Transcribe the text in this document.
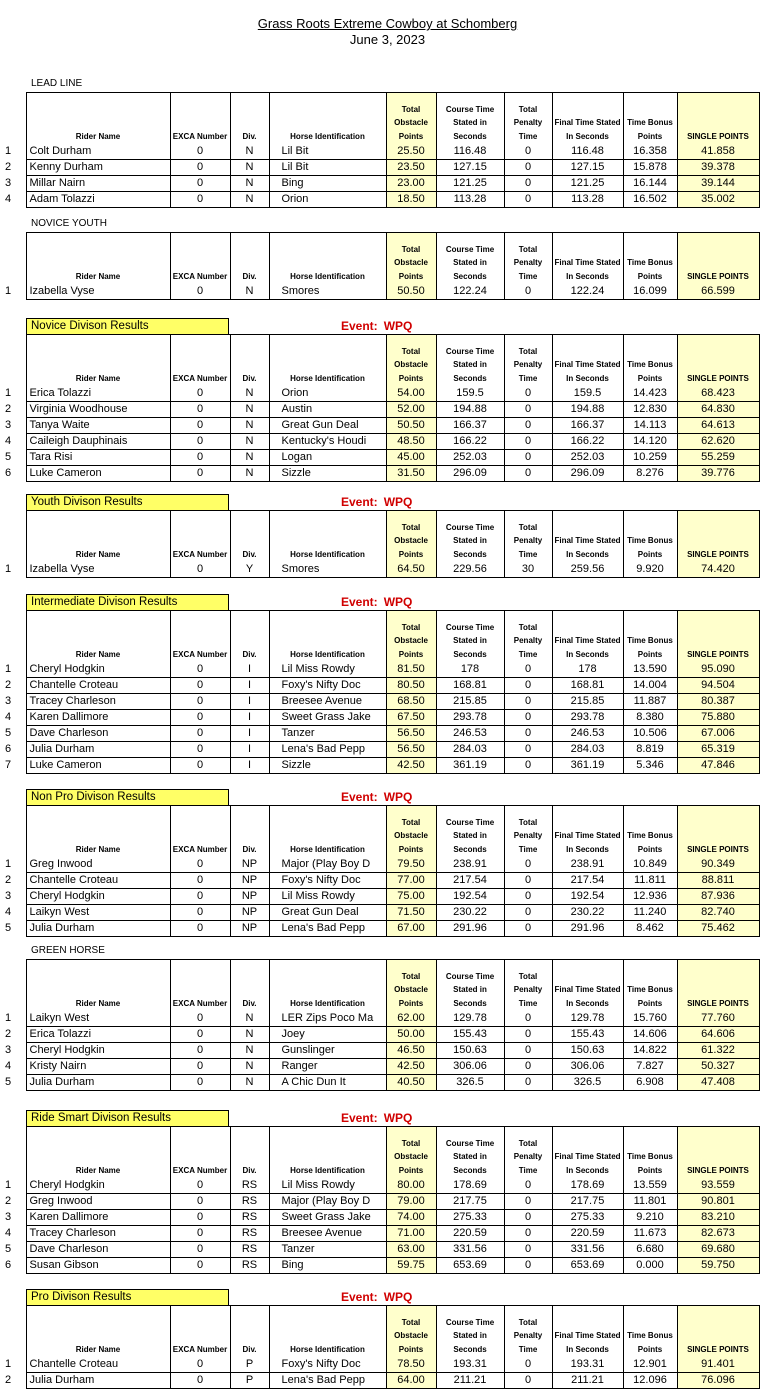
Grass Roots Extreme Cowboy at Schomberg
June 3, 2023
LEAD LINE
	Rider Name	EXCA Number	Div.	Horse Identification	Total Obstacle Points	Course Time Stated in Seconds	Total Penalty Time	Final Time Stated In Seconds	Time Bonus Points	SINGLE POINTS
1	Colt Durham	0	N	Lil Bit	25.50	116.48	0	116.48	16.358	41.858
2	Kenny Durham	0	N	Lil Bit	23.50	127.15	0	127.15	15.878	39.378
3	Millar Nairn	0	N	Bing	23.00	121.25	0	121.25	16.144	39.144
4	Adam Tolazzi	0	N	Orion	18.50	113.28	0	113.28	16.502	35.002
NOVICE YOUTH
	Rider Name	EXCA Number	Div.	Horse Identification	Total Obstacle Points	Course Time Stated in Seconds	Total Penalty Time	Final Time Stated In Seconds	Time Bonus Points	SINGLE POINTS
1	Izabella Vyse	0	N	Smores	50.50	122.24	0	122.24	16.099	66.599
Novice Divison Results	Event: WPQ
	Rider Name	EXCA Number	Div.	Horse Identification	Total Obstacle Points	Course Time Stated in Seconds	Total Penalty Time	Final Time Stated In Seconds	Time Bonus Points	SINGLE POINTS
1	Erica Tolazzi	0	N	Orion	54.00	159.5	0	159.5	14.423	68.423
2	Virginia Woodhouse	0	N	Austin	52.00	194.88	0	194.88	12.830	64.830
3	Tanya Waite	0	N	Great Gun Deal	50.50	166.37	0	166.37	14.113	64.613
4	Caileigh Dauphinais	0	N	Kentucky's Houdi	48.50	166.22	0	166.22	14.120	62.620
5	Tara Risi	0	N	Logan	45.00	252.03	0	252.03	10.259	55.259
6	Luke Cameron	0	N	Sizzle	31.50	296.09	0	296.09	8.276	39.776
Youth Divison Results	Event: WPQ
	Rider Name	EXCA Number	Div.	Horse Identification	Total Obstacle Points	Course Time Stated in Seconds	Total Penalty Time	Final Time Stated In Seconds	Time Bonus Points	SINGLE POINTS
1	Izabella Vyse	0	Y	Smores	64.50	229.56	30	259.56	9.920	74.420
Intermediate Divison Results	Event: WPQ
	Rider Name	EXCA Number	Div.	Horse Identification	Total Obstacle Points	Course Time Stated in Seconds	Total Penalty Time	Final Time Stated In Seconds	Time Bonus Points	SINGLE POINTS
1	Cheryl Hodgkin	0	I	Lil Miss Rowdy	81.50	178	0	178	13.590	95.090
2	Chantelle Croteau	0	I	Foxy's Nifty Doc	80.50	168.81	0	168.81	14.004	94.504
3	Tracey Charleson	0	I	Breesee Avenue	68.50	215.85	0	215.85	11.887	80.387
4	Karen Dallimore	0	I	Sweet Grass Jake	67.50	293.78	0	293.78	8.380	75.880
5	Dave Charleson	0	I	Tanzer	56.50	246.53	0	246.53	10.506	67.006
6	Julia Durham	0	I	Lena's Bad Pepp	56.50	284.03	0	284.03	8.819	65.319
7	Luke Cameron	0	I	Sizzle	42.50	361.19	0	361.19	5.346	47.846
Non Pro Divison Results	Event: WPQ
	Rider Name	EXCA Number	Div.	Horse Identification	Total Obstacle Points	Course Time Stated in Seconds	Total Penalty Time	Final Time Stated In Seconds	Time Bonus Points	SINGLE POINTS
1	Greg Inwood	0	NP	Major (Play Boy D	79.50	238.91	0	238.91	10.849	90.349
2	Chantelle Croteau	0	NP	Foxy's Nifty Doc	77.00	217.54	0	217.54	11.811	88.811
3	Cheryl Hodgkin	0	NP	Lil Miss Rowdy	75.00	192.54	0	192.54	12.936	87.936
4	Laikyn West	0	NP	Great Gun Deal	71.50	230.22	0	230.22	11.240	82.740
5	Julia Durham	0	NP	Lena's Bad Pepp	67.00	291.96	0	291.96	8.462	75.462
GREEN HORSE
	Rider Name	EXCA Number	Div.	Horse Identification	Total Obstacle Points	Course Time Stated in Seconds	Total Penalty Time	Final Time Stated In Seconds	Time Bonus Points	SINGLE POINTS
1	Laikyn West	0	N	LER Zips Poco Ma	62.00	129.78	0	129.78	15.760	77.760
2	Erica Tolazzi	0	N	Joey	50.00	155.43	0	155.43	14.606	64.606
3	Cheryl Hodgkin	0	N	Gunslinger	46.50	150.63	0	150.63	14.822	61.322
4	Kristy Nairn	0	N	Ranger	42.50	306.06	0	306.06	7.827	50.327
5	Julia Durham	0	N	A Chic Dun It	40.50	326.5	0	326.5	6.908	47.408
Ride Smart Divison Results	Event: WPQ
	Rider Name	EXCA Number	Div.	Horse Identification	Total Obstacle Points	Course Time Stated in Seconds	Total Penalty Time	Final Time Stated In Seconds	Time Bonus Points	SINGLE POINTS
1	Cheryl Hodgkin	0	RS	Lil Miss Rowdy	80.00	178.69	0	178.69	13.559	93.559
2	Greg Inwood	0	RS	Major (Play Boy D	79.00	217.75	0	217.75	11.801	90.801
3	Karen Dallimore	0	RS	Sweet Grass Jake	74.00	275.33	0	275.33	9.210	83.210
4	Tracey Charleson	0	RS	Breesee Avenue	71.00	220.59	0	220.59	11.673	82.673
5	Dave Charleson	0	RS	Tanzer	63.00	331.56	0	331.56	6.680	69.680
6	Susan Gibson	0	RS	Bing	59.75	653.69	0	653.69	0.000	59.750
Pro Divison Results	Event: WPQ
	Rider Name	EXCA Number	Div.	Horse Identification	Total Obstacle Points	Course Time Stated in Seconds	Total Penalty Time	Final Time Stated In Seconds	Time Bonus Points	SINGLE POINTS
1	Chantelle Croteau	0	P	Foxy's Nifty Doc	78.50	193.31	0	193.31	12.901	91.401
2	Julia Durham	0	P	Lena's Bad Pepp	64.00	211.21	0	211.21	12.096	76.096
